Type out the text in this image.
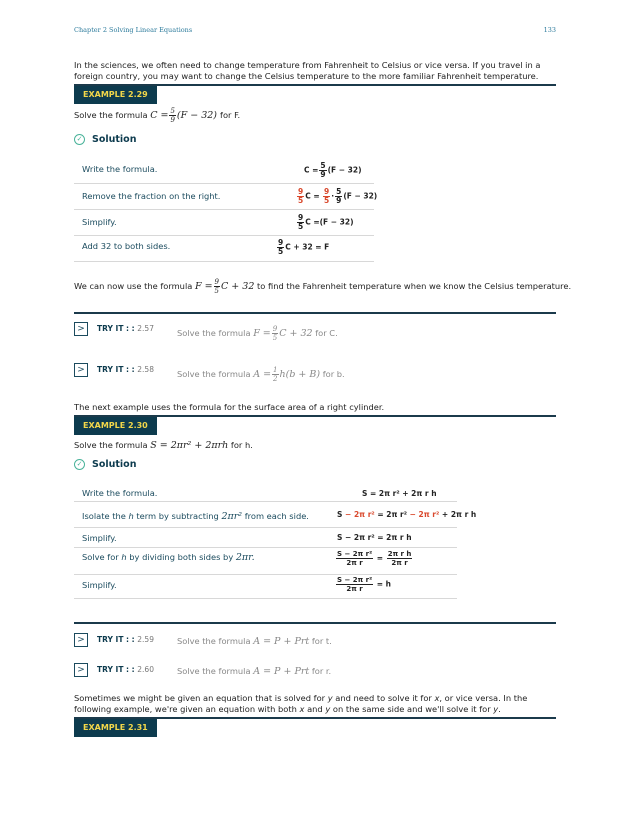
Chapter 2 Solving Linear Equations	133
In the sciences, we often need to change temperature from Fahrenheit to Celsius or vice versa. If you travel in a foreign country, you may want to change the Celsius temperature to the more familiar Fahrenheit temperature.
EXAMPLE 2.29
Solve the formula $C = \frac{5}{9} (F - 32)$ for F.
✓ Solution
Write the formula.	$C = \frac{5}{9} (F - 32)$
Remove the fraction on the right.	$\frac{9}{5}$ $C = \frac{9}{5} \cdot \frac{5}{9} (F - 32)$
Simplify.	$\frac{9}{5}$ C =(F − 32)
Add 32 to both sides.	$\frac{9}{5}$ C + 32 = F
We can now use the formula $F = \frac{9}{5}$ C + 32 to find the Fahrenheit temperature when we know the Celsius temperature.
>	TRY IT : : 2.57	Solve the formula $F = \frac{9}{5}$ C + 32 for C.
>	TRY IT : : 2.58	Solve the formula $A = \frac{1}{2} h(b + B)$ for b.
The next example uses the formula for the surface area of a right cylinder.
EXAMPLE 2.30
Solve the formula S = 2πr² + 2πrh for h.
✓ Solution
Write the formula.	S = 2π r² + 2π r h
Isolate the h term by subtracting 2πr² from each side.	S − 2π r² = 2π r² − 2π r² + 2π r h
Simplify.	S − 2π r² = 2π r h
Solve for h by dividing both sides by 2πr.	$\frac{\text{S − 2π r²}}{\text{2π r}} = \frac{\text{2π r h}}{\text{2π r}}$
Simplify.	$\frac{\text{S − 2π r²}}{\text{2π r}} = h$
>	TRY IT : : 2.59	Solve the formula A = P + Prt for t.
>	TRY IT : : 2.60	Solve the formula A = P + Prt for r.
Sometimes we might be given an equation that is solved for y and need to solve it for x, or vice versa. In the following example, we're given an equation with both x and y on the same side and we'll solve it for y.
EXAMPLE 2.31
